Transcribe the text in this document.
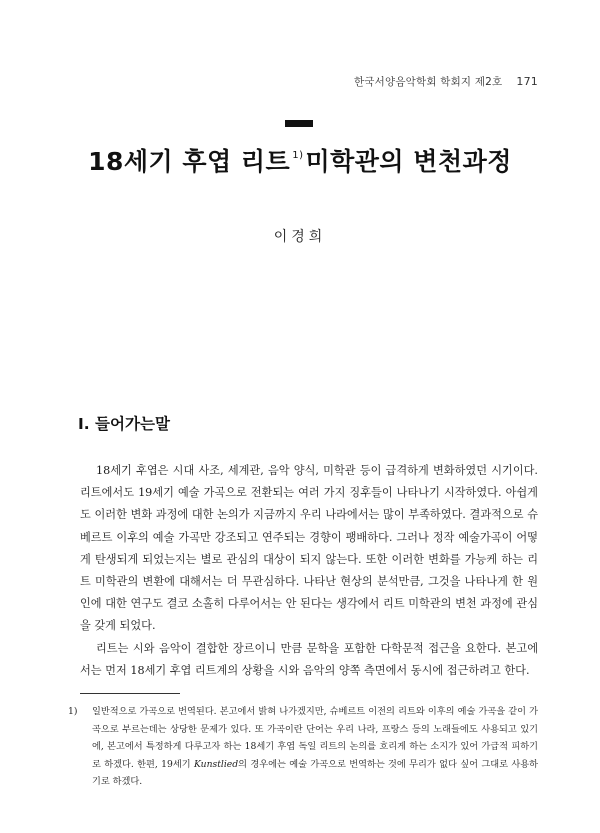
한국서양음악학회 학회지 제2호 171
18세기 후엽 리트 $^{1)}$미학관의 변천과정
이경희
I. 들어가는말

18세기 후엽은 시대 사조, 세계관, 음악 양식, 미학관 등이 급격하게 변화하였던 시기이다. 리트에서도 19세기 예술 가곡으로 전환되는 여러 가지 징후들이 나타나기 시작하였다. 아쉽게도 이러한 변화 과정에 대한 논의가 지금까지 우리 나라에서는 많이 부족하였다. 결과적으로 슈베르트 이후의 예술 가곡만 강조되고 연주되는 경향이 팽배하다. 그러나 정작 예술가곡이 어떻게 탄생되게 되었는지는 별로 관심의 대상이 되지 않는다. 또한 이러한 변화를 가능케 하는 리트 미학관의 변환에 대해서는 더 무관심하다. 나타난 현상의 분석만큼, 그것을 나타나게 한 원인에 대한 연구도 결코 소홀히 다루어서는 안 된다는 생각에서 리트 미학관의 변천 과정에 관심을 갖게 되었다.

리트는 시와 음악이 결합한 장르이니 만큼 문학을 포함한 다학문적 접근을 요한다. 본고에서는 먼저 18세기 후엽 리트계의 상황을 시와 음악의 양쪽 측면에서 동시에 접근하려고 한다.

1) 일반적으로 가곡으로 번역된다. 본고에서 밝혀 나가겠지만, 슈베르트 이전의 리트와 이후의 예술 가곡을 같이 가곡으로 부르는데는 상당한 문제가 있다. 또 가곡이란 단어는 우리 나라, 프랑스 등의 노래들에도 사용되고 있기에, 본고에서 특정하게 다루고자 하는 18세기 후엽 독일 리트의 논의를 흐리게 하는 소지가 있어 가급적 피하기로 하겠다. 한편, 19세기 Kunstlied의 경우에는 예술 가곡으로 번역하는 것에 무리가 없다 싶어 그대로 사용하기로 하겠다.
